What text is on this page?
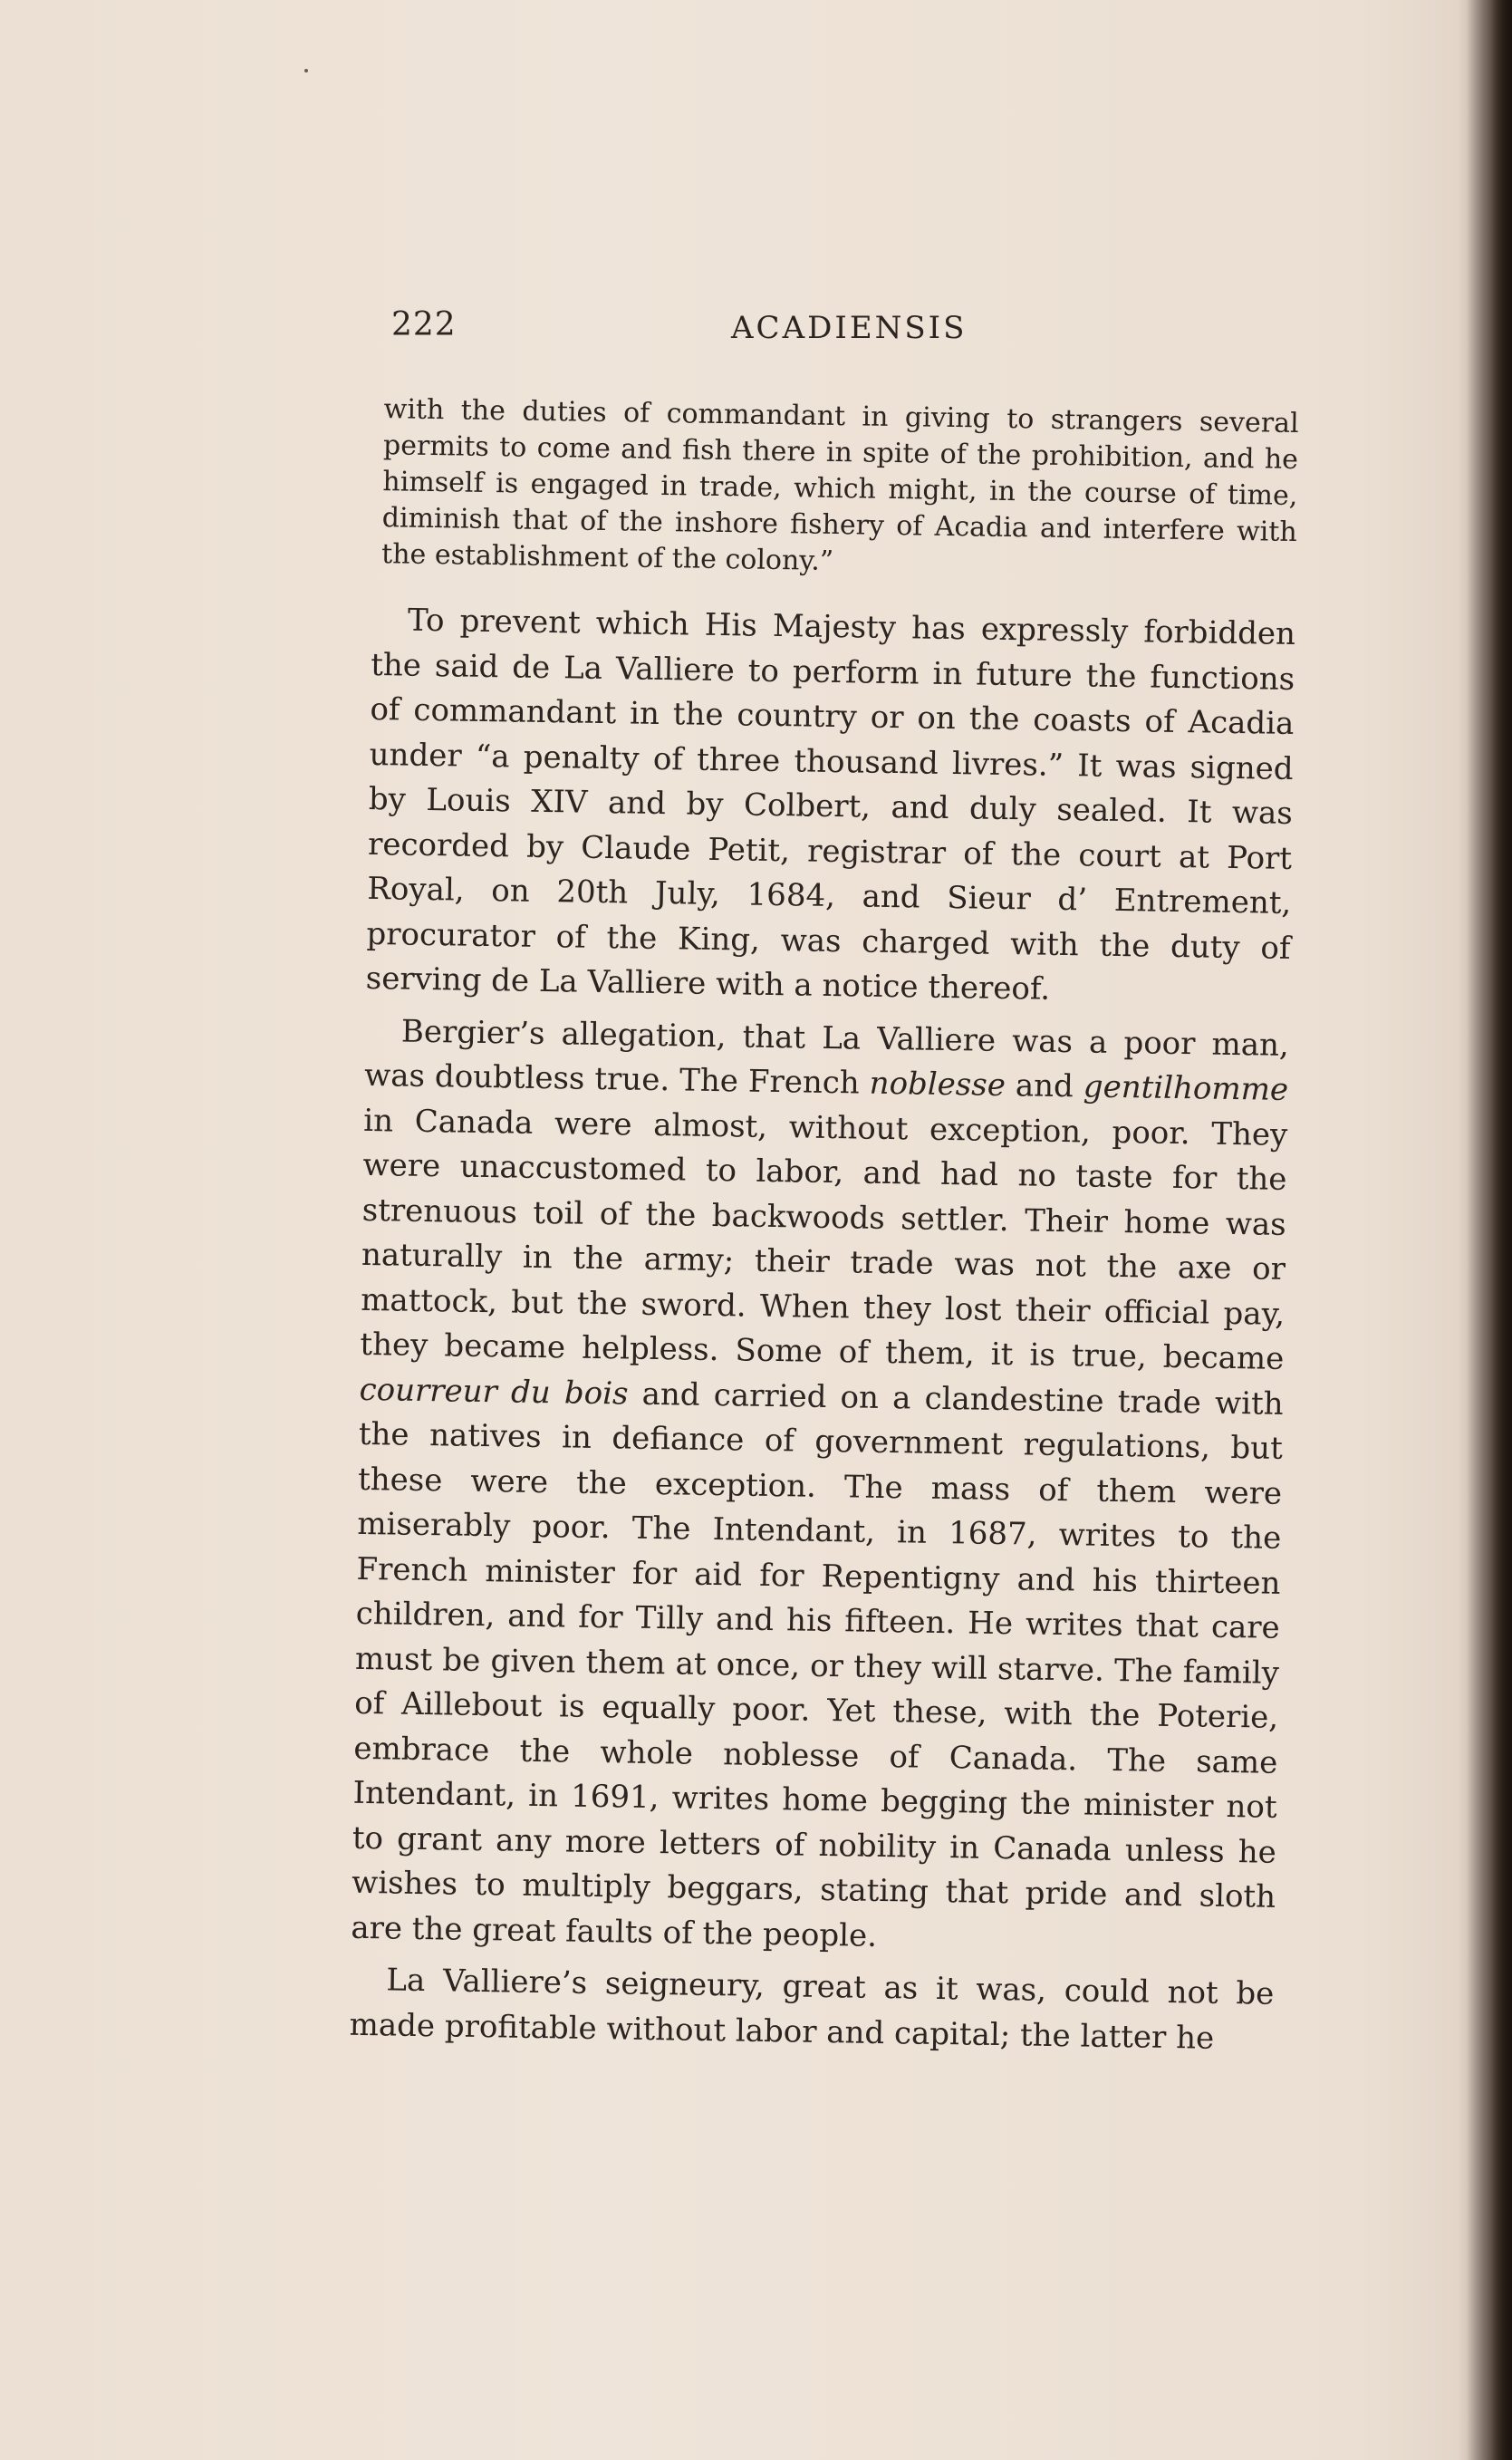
222	ACADIENSIS

with the duties of commandant in giving to strangers several permits to come and fish there in spite of the prohibition, and he himself is engaged in trade, which might, in the course of time, diminish that of the inshore fishery of Acadia and interfere with the establishment of the colony.”

To prevent which His Majesty has expressly forbidden the said de La Valliere to perform in future the functions of commandant in the country or on the coasts of Acadia under “a penalty of three thousand livres.” It was signed by Louis XIV and by Colbert, and duly sealed. It was recorded by Claude Petit, registrar of the court at Port Royal, on 20th July, 1684, and Sieur d’ Entrement, procurator of the King, was charged with the duty of serving de La Valliere with a notice thereof.

Bergier’s allegation, that La Valliere was a poor man, was doubtless true. The French noblesse and gentilhomme in Canada were almost, without exception, poor. They were unaccustomed to labor, and had no taste for the strenuous toil of the backwoods settler. Their home was naturally in the army; their trade was not the axe or mattock, but the sword. When they lost their official pay, they became helpless. Some of them, it is true, became courreur du bois and carried on a clandestine trade with the natives in defiance of government regulations, but these were the exception. The mass of them were miserably poor. The Intendant, in 1687, writes to the French minister for aid for Repentigny and his thirteen children, and for Tilly and his fifteen. He writes that care must be given them at once, or they will starve. The family of Aillebout is equally poor. Yet these, with the Poterie, embrace the whole noblesse of Canada. The same Intendant, in 1691, writes home begging the minister not to grant any more letters of nobility in Canada unless he wishes to multiply beggars, stating that pride and sloth are the great faults of the people.

La Valliere’s seigneury, great as it was, could not be made profitable without labor and capital; the latter he
